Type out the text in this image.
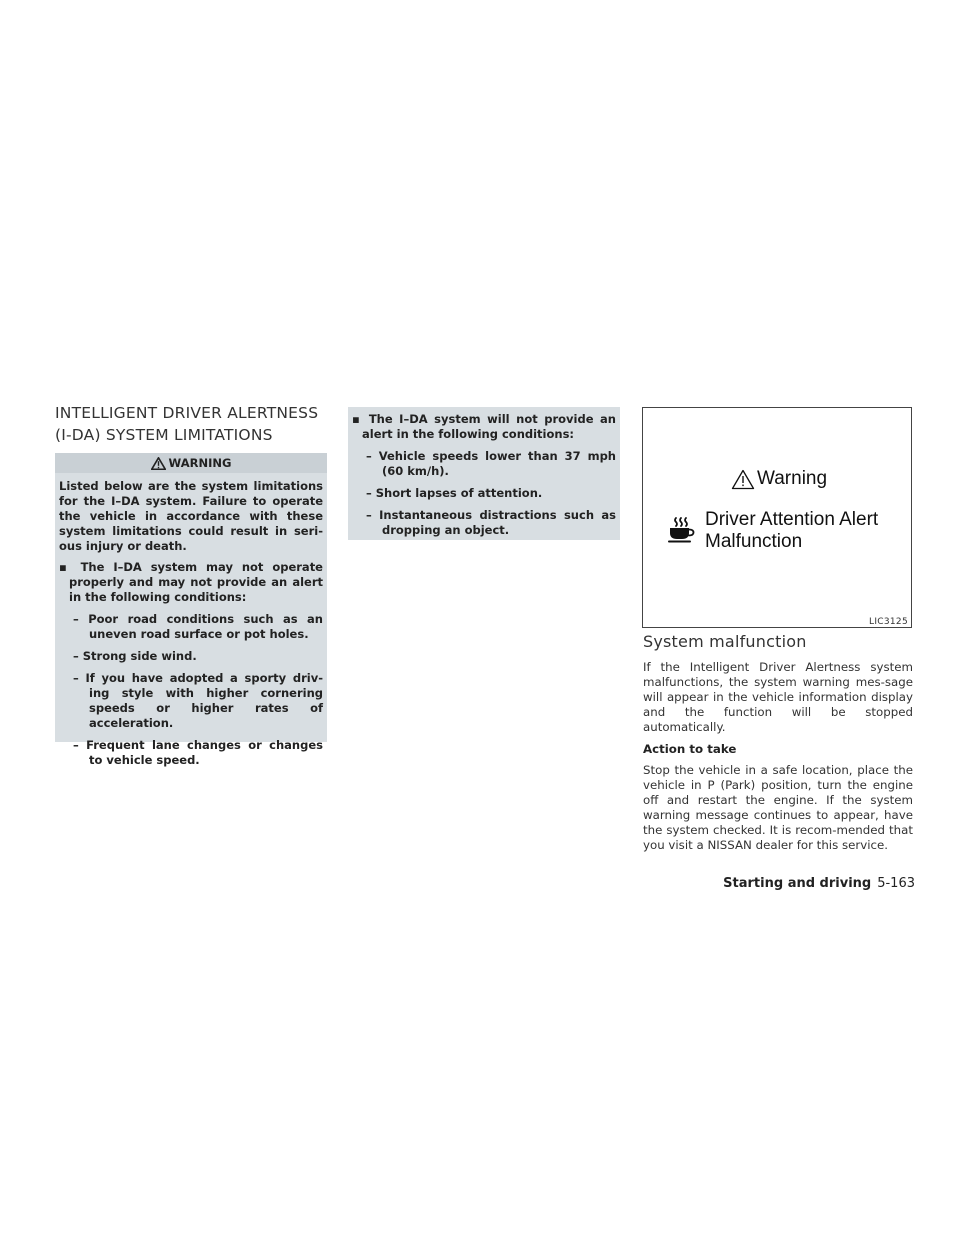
INTELLIGENT DRIVER ALERTNESS
(I-DA) SYSTEM LIMITATIONS
WARNING

Listed below are the system limitations for the I–DA system. Failure to operate the vehicle in accordance with these system limitations could result in seri-ous injury or death.

▪ The I–DA system may not operate properly and may not provide an alert in the following conditions:

– Poor road conditions such as an uneven road surface or pot holes.

– Strong side wind.

– If you have adopted a sporty driv-ing style with higher cornering speeds or higher rates of acceleration.

– Frequent lane changes or changes to vehicle speed.

▪ The I–DA system will not provide an alert in the following conditions:

– Vehicle speeds lower than 37 mph (60 km/h).

– Short lapses of attention.

– Instantaneous distractions such as dropping an object.

Warning
Driver Attention Alert
Malfunction
LIC3125
System malfunction

If the Intelligent Driver Alertness system malfunctions, the system warning mes-sage will appear in the vehicle information display and the function will be stopped automatically.

Action to take

Stop the vehicle in a safe location, place the vehicle in P (Park) position, turn the engine off and restart the engine. If the system warning message continues to appear, have the system checked. It is recom-mended that you visit a NISSAN dealer for this service.

Starting and driving 5-163
